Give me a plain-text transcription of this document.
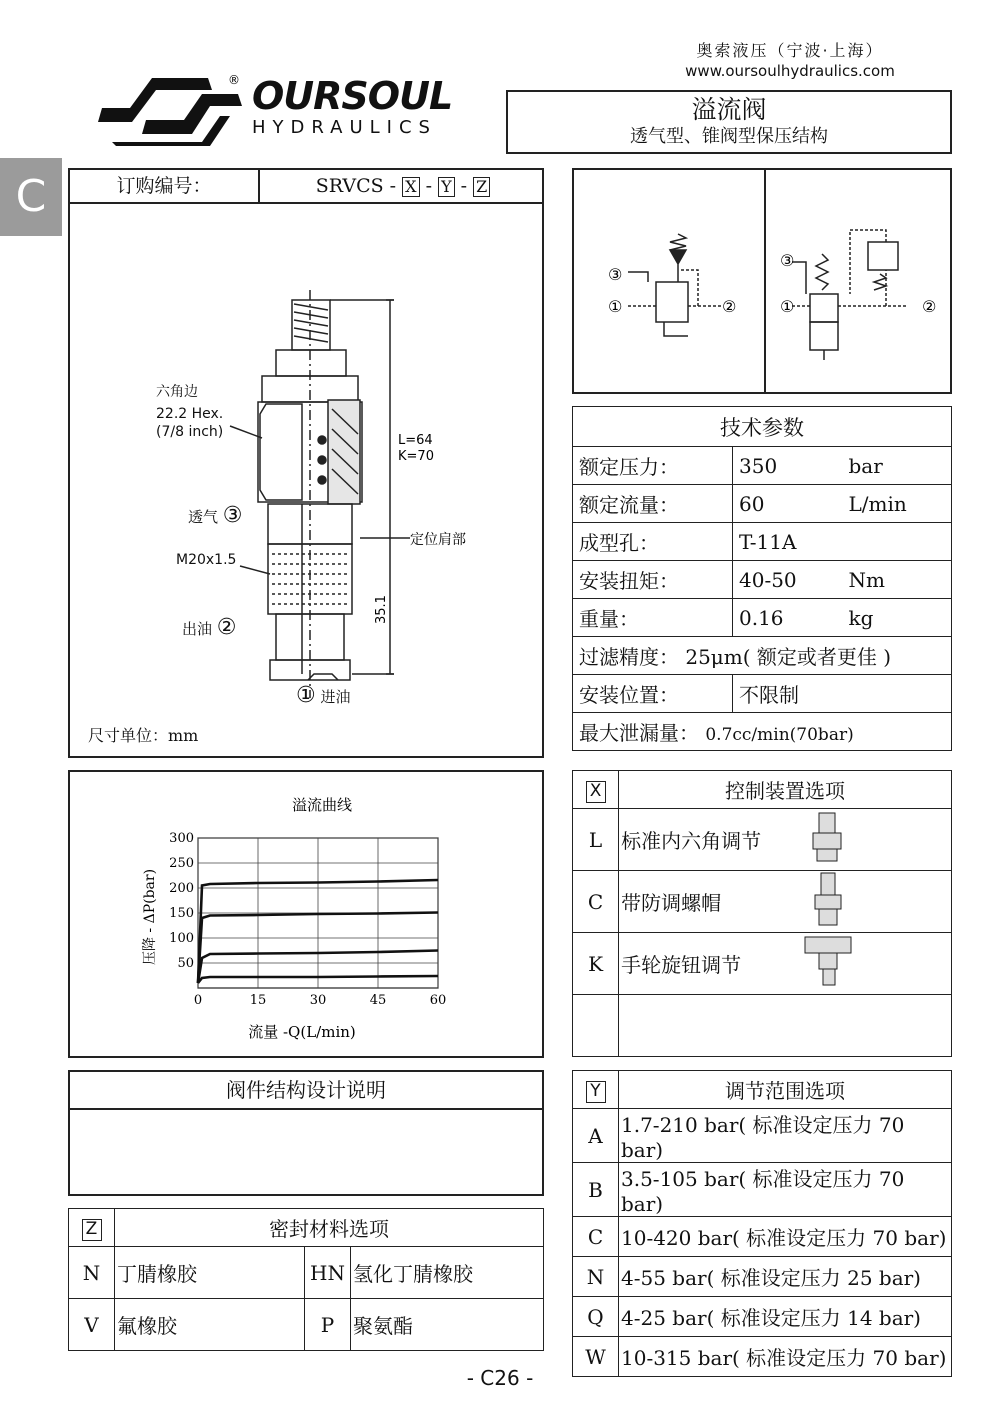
奥索液压（宁波·上海）
www.oursoulhydraulics.com
® OURSOUL
HYDRAULICS
溢流阀
透气型、锥阀型保压结构
C	订购编号：	SRVCS - X - Y - Z
L=64
K=70
35.1
定位肩部
六角边
22.2 Hex.
(7/8 inch)
透气 ③
M20x1.5
出油 ②
① 进油
尺寸单位：mm
③
①	②
③
①	②
技术参数		
额定压力：	350	bar
额定流量：	60	L/min
成型孔：	T-11A	
安装扭矩：	40-50	Nm
重量：	0.16	kg
过滤精度： 25μm( 额定或者更佳 )		
安装位置：	不限制	
最大泄漏量： 0.7cc/min(70bar)		
溢流曲线
流量 -Q(L/min)
压降 - ΔP(bar)
0	15	30	45	60
300
250
200
150
100
50
X	控制装置选项	
L	标准内六角调节	
C	带防调螺帽	
K	手轮旋钮调节	

阀件结构设计说明	Y	调节范围选项
A	1.7-210 bar( 标准设定压力 70 bar)
B	3.5-105 bar( 标准设定压力 70 bar)
C	10-420 bar( 标准设定压力 70 bar)
N	4-55 bar( 标准设定压力 25 bar)
Q	4-25 bar( 标准设定压力 14 bar)
W	10-315 bar( 标准设定压力 70 bar)
Z	密封材料选项		
N	丁腈橡胶	HN	氢化丁腈橡胶
V	氟橡胶	P	聚氨酯
- C26 -
